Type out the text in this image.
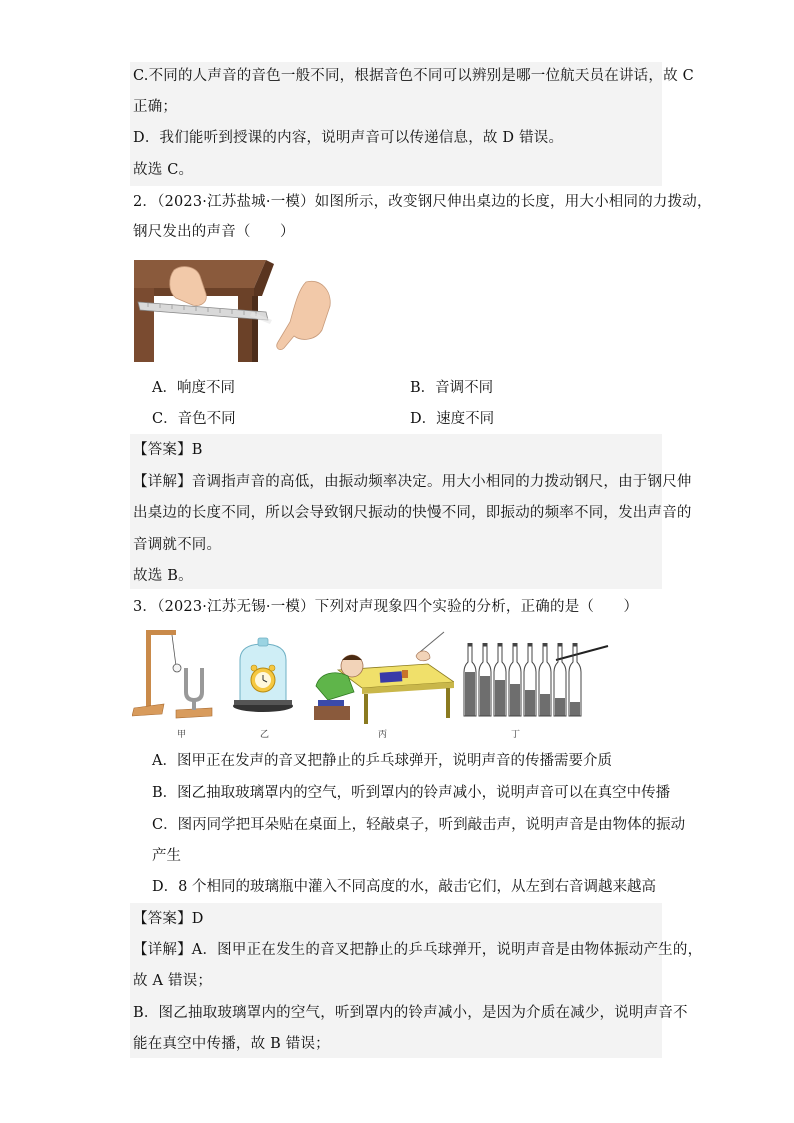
C.不同的人声音的音色一般不同，根据音色不同可以辨别是哪一位航天员在讲话，故 C
正确；
D．我们能听到授课的内容，说明声音可以传递信息，故 D 错误。
故选 C。
2．（2023·江苏盐城·一模）如图所示，改变钢尺伸出桌边的长度，用大小相同的力拨动，
钢尺发出的声音（　　）
A．响度不同	B．音调不同
C．音色不同	D．速度不同
【答案】B
【详解】音调指声音的高低，由振动频率决定。用大小相同的力拨动钢尺，由于钢尺伸
出桌边的长度不同，所以会导致钢尺振动的快慢不同，即振动的频率不同，发出声音的
音调就不同。
故选 B。
3．（2023·江苏无锡·一模）下列对声现象四个实验的分析，正确的是（　　）
甲	乙	丙	丁
A．图甲正在发声的音叉把静止的乒乓球弹开，说明声音的传播需要介质
B．图乙抽取玻璃罩内的空气，听到罩内的铃声减小，说明声音可以在真空中传播
C．图丙同学把耳朵贴在桌面上，轻敲桌子，听到敲击声，说明声音是由物体的振动
产生
D．8 个相同的玻璃瓶中灌入不同高度的水，敲击它们，从左到右音调越来越高
【答案】D
【详解】A．图甲正在发生的音叉把静止的乒乓球弹开，说明声音是由物体振动产生的，
故 A 错误；
B．图乙抽取玻璃罩内的空气，听到罩内的铃声减小，是因为介质在减少，说明声音不
能在真空中传播，故 B 错误；
